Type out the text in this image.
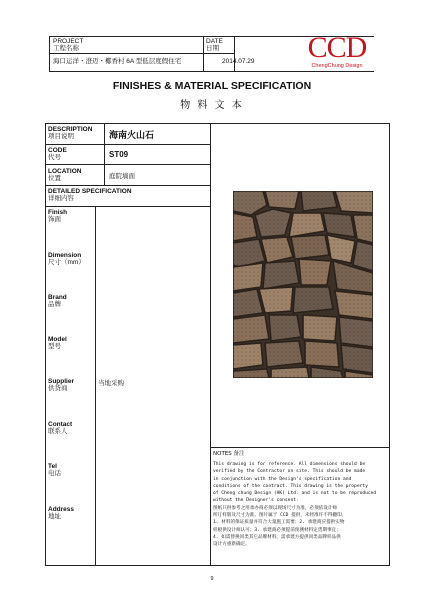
PROJECT
工程名称
海口运洋・澄迈・椰香村 6A 型低层度假住宅
DATE
日期
2014.07.29 CCD
ChengChung Design
FINISHES & MATERIAL SPECIFICATION
物 料 文 本
DESCRIPTION
项目说明	海南火山石
CODE
代号	ST09
LOCATION
位置	庭院墙面
DETAILED SPECIFICATION
详细内容
Finish
饰面
Dimension
尺寸（mm）
Brand
品牌
Model
型号
Supplier
供货商
当地采购
Contact
联系人
Tel
电话
Address
地址
NOTES 备注
This drawing is for reference. All dimensions should be
verified by the Contractor on site. This should be made
in conjunction with the Design's specification and
conditions of the contract. This drawing is the property
of Cheng chung Design (HK) Ltd. and is not to be reproduced
without the Designer's consent.
图纸只供参考之用承办商必须以现场尺寸为准，必须依设计师
所订样版及尺寸为准。图片属于 CCD 提供，未经准许不得翻印。
1. 材料的保证质量并符合大量施工需要；2. 承建商应提供实物
样板供设计师认可；3. 承建商必须提前预测材料定货期事宜；
4. 如需替换同类其它品牌材料，需承建方提供同类品牌样品供
设计方重新确定。
9
